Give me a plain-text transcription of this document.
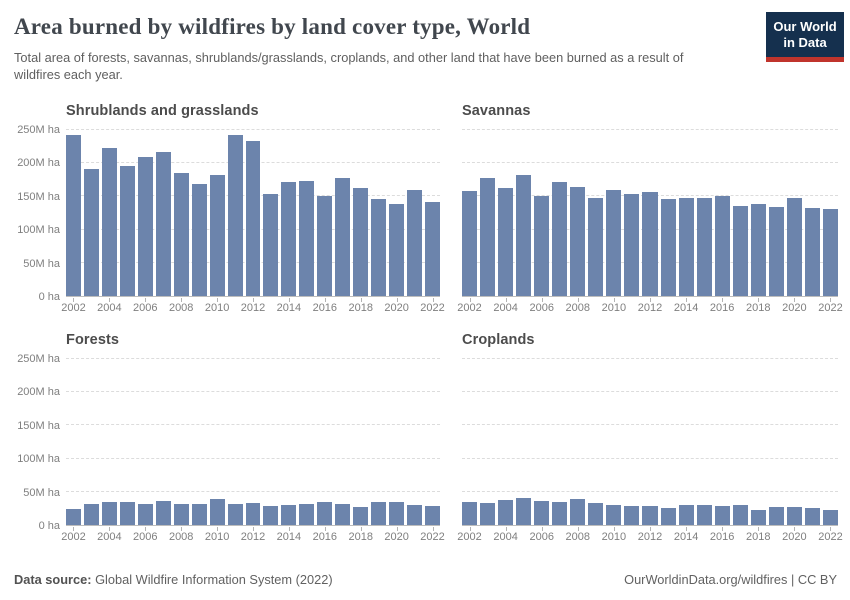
Area burned by wildfires by land cover type, World

Total area of forests, savannas, shrublands/grasslands, croplands, and other land that have been burned as a result of wildfires each year.

Our World
in Data
Shrublands and grasslands
0 ha
50M ha
100M ha
150M ha
200M ha
250M ha
2002 2004 2006 2008 2010 2012 2014 2016 2018 2020 2022
Savannas
2002 2004 2006 2008 2010 2012 2014 2016 2018 2020 2022
Forests
0 ha
50M ha
100M ha
150M ha
200M ha
250M ha
2002 2004 2006 2008 2010 2012 2014 2016 2018 2020 2022
Croplands
2002 2004 2006 2008 2010 2012 2014 2016 2018 2020 2022
Data source: Global Wildfire Information System (2022)	OurWorldinData.org/wildfires | CC BY
